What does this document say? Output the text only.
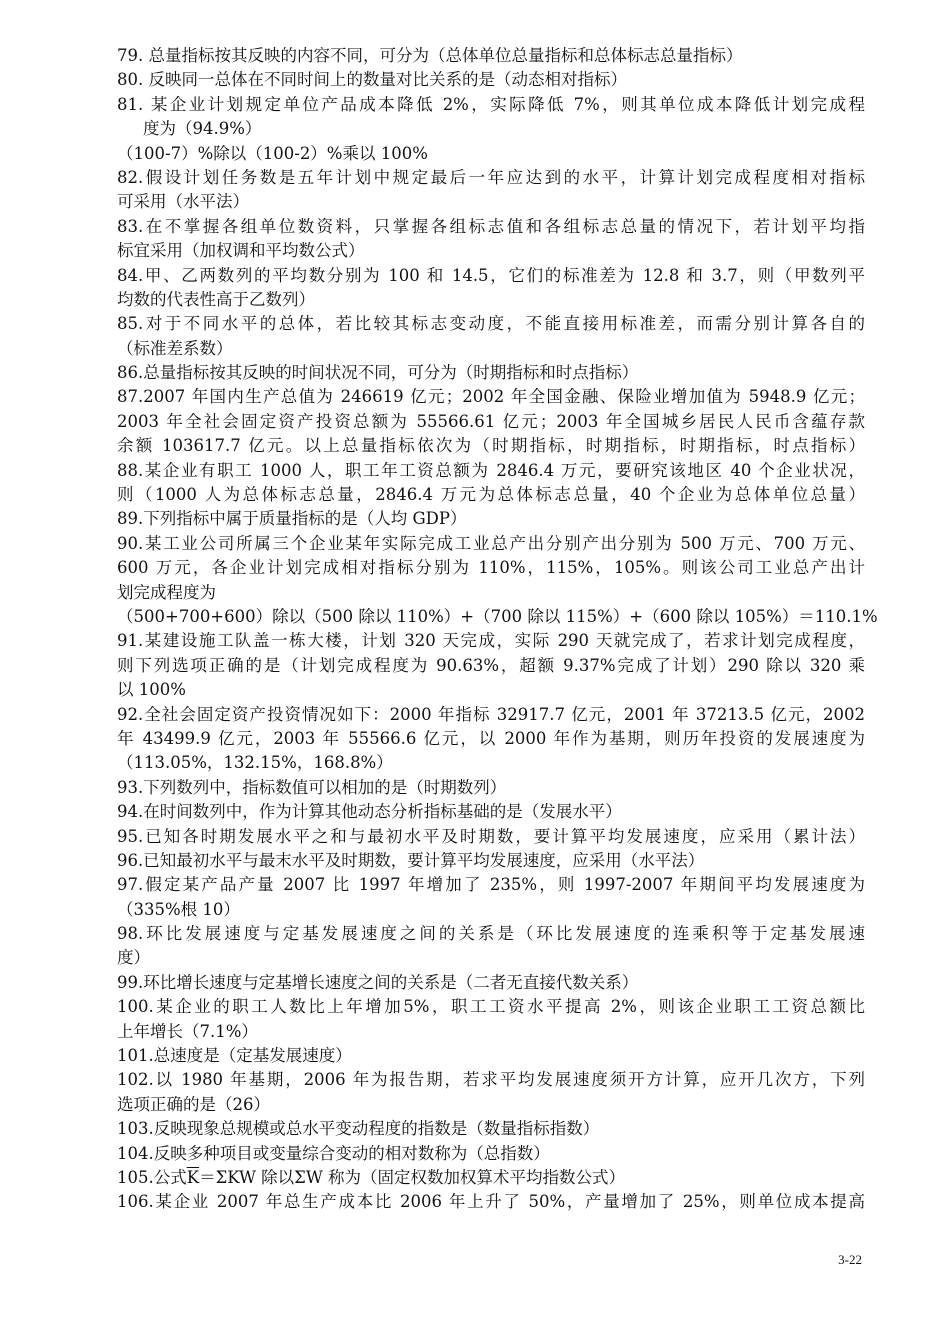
79. 总量指标按其反映的内容不同，可分为（总体单位总量指标和总体标志总量指标）
80. 反映同一总体在不同时间上的数量对比关系的是（动态相对指标）
81. 某企业计划规定单位产品成本降低 2%，实际降低 7%，则其单位成本降低计划完成程
度为（94.9%）
（100-7）%除以（100-2）%乘以 100%
82.假设计划任务数是五年计划中规定最后一年应达到的水平，计算计划完成程度相对指标
可采用（水平法）
83.在不掌握各组单位数资料，只掌握各组标志值和各组标志总量的情况下，若计划平均指
标宜采用（加权调和平均数公式）
84.甲、乙两数列的平均数分别为 100 和 14.5，它们的标准差为 12.8 和 3.7，则（甲数列平
均数的代表性高于乙数列）
85.对于不同水平的总体，若比较其标志变动度，不能直接用标准差，而需分别计算各自的
（标准差系数）
86.总量指标按其反映的时间状况不同，可分为（时期指标和时点指标）
87.2007 年国内生产总值为 246619 亿元；2002 年全国金融、保险业增加值为 5948.9 亿元；
2003 年全社会固定资产投资总额为 55566.61 亿元；2003 年全国城乡居民人民币含蕴存款
余额 103617.7 亿元。以上总量指标依次为（时期指标，时期指标，时期指标，时点指标）
88.某企业有职工 1000 人，职工年工资总额为 2846.4 万元，要研究该地区 40 个企业状况，
则（1000 人为总体标志总量，2846.4 万元为总体标志总量，40 个企业为总体单位总量）
89.下列指标中属于质量指标的是（人均 GDP）
90.某工业公司所属三个企业某年实际完成工业总产出分别产出分别为 500 万元、700 万元、
600 万元，各企业计划完成相对指标分别为 110%，115%，105%。则该公司工业总产出计
划完成程度为
（500+700+600）除以（500 除以 110%）+（700 除以 115%）+（600 除以 105%）＝110.1%
91.某建设施工队盖一栋大楼，计划 320 天完成，实际 290 天就完成了，若求计划完成程度，
则下列选项正确的是（计划完成程度为 90.63%，超额 9.37%完成了计划）290 除以 320 乘
以 100%
92.全社会固定资产投资情况如下：2000 年指标 32917.7 亿元，2001 年 37213.5 亿元，2002
年 43499.9 亿元，2003 年 55566.6 亿元，以 2000 年作为基期，则历年投资的发展速度为
（113.05%，132.15%，168.8%）
93.下列数列中，指标数值可以相加的是（时期数列）
94.在时间数列中，作为计算其他动态分析指标基础的是（发展水平）
95.已知各时期发展水平之和与最初水平及时期数，要计算平均发展速度，应采用（累计法）
96.已知最初水平与最末水平及时期数，要计算平均发展速度，应采用（水平法）
97.假定某产品产量 2007 比 1997 年增加了 235%，则 1997-2007 年期间平均发展速度为
（335%根 10）
98.环比发展速度与定基发展速度之间的关系是（环比发展速度的连乘积等于定基发展速
度）
99.环比增长速度与定基增长速度之间的关系是（二者无直接代数关系）
100.某企业的职工人数比上年增加5%，职工工资水平提高 2%，则该企业职工工资总额比
上年增长（7.1%）
101.总速度是（定基发展速度）
102.以 1980 年基期，2006 年为报告期，若求平均发展速度须开方计算，应开几次方，下列
选项正确的是（26）
103.反映现象总规模或总水平变动程度的指数是（数量指标指数）
104.反映多种项目或变量综合变动的相对数称为（总指数）
105.公式$\overline{K}=\Sigma KW$ 除以ΣW 称为（固定权数加权算术平均指数公式）
106.某企业 2007 年总生产成本比 2006 年上升了 50%，产量增加了 25%，则单位成本提高
3-22
